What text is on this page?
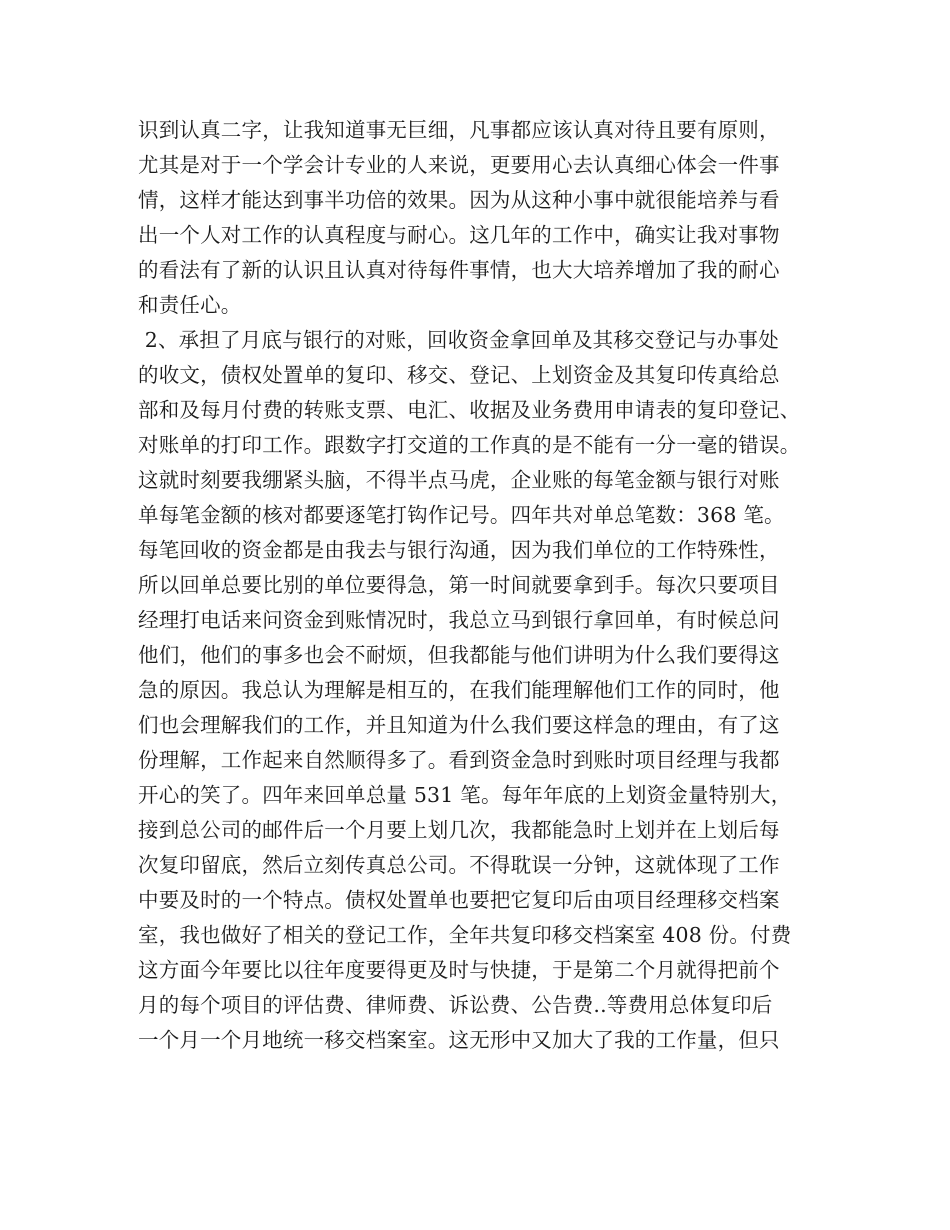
识到认真二字，让我知道事无巨细，凡事都应该认真对待且要有原则，
尤其是对于一个学会计专业的人来说，更要用心去认真细心体会一件事
情，这样才能达到事半功倍的效果。因为从这种小事中就很能培养与看
出一个人对工作的认真程度与耐心。这几年的工作中，确实让我对事物
的看法有了新的认识且认真对待每件事情，也大大培养增加了我的耐心
和责任心。
2、承担了月底与银行的对账，回收资金拿回单及其移交登记与办事处
的收文，债权处置单的复印、移交、登记、上划资金及其复印传真给总
部和及每月付费的转账支票、电汇、收据及业务费用申请表的复印登记、
对账单的打印工作。跟数字打交道的工作真的是不能有一分一毫的错误。
这就时刻要我绷紧头脑，不得半点马虎，企业账的每笔金额与银行对账
单每笔金额的核对都要逐笔打钩作记号。四年共对单总笔数：368 笔。
每笔回收的资金都是由我去与银行沟通，因为我们单位的工作特殊性，
所以回单总要比别的单位要得急，第一时间就要拿到手。每次只要项目
经理打电话来问资金到账情况时，我总立马到银行拿回单，有时候总问
他们，他们的事多也会不耐烦，但我都能与他们讲明为什么我们要得这
急的原因。我总认为理解是相互的，在我们能理解他们工作的同时，他
们也会理解我们的工作，并且知道为什么我们要这样急的理由，有了这
份理解，工作起来自然顺得多了。看到资金急时到账时项目经理与我都
开心的笑了。四年来回单总量 531 笔。每年年底的上划资金量特别大，
接到总公司的邮件后一个月要上划几次，我都能急时上划并在上划后每
次复印留底，然后立刻传真总公司。不得耽误一分钟，这就体现了工作
中要及时的一个特点。债权处置单也要把它复印后由项目经理移交档案
室，我也做好了相关的登记工作，全年共复印移交档案室 408 份。付费
这方面今年要比以往年度要得更及时与快捷，于是第二个月就得把前个
月的每个项目的评估费、律师费、诉讼费、公告费..等费用总体复印后
一个月一个月地统一移交档案室。这无形中又加大了我的工作量，但只
